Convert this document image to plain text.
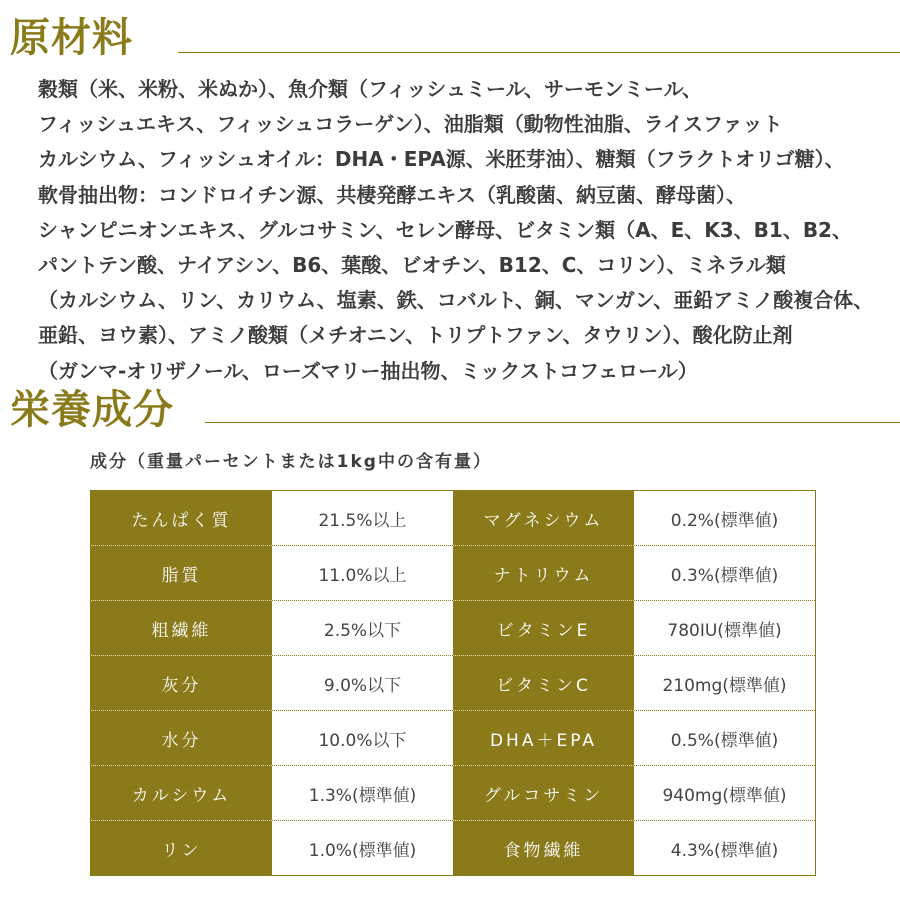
原材料
穀類（米、米粉、米ぬか）、魚介類（フィッシュミール、サーモンミール、
フィッシュエキス、フィッシュコラーゲン）、油脂類（動物性油脂、ライスファット
カルシウム、フィッシュオイル：DHA・EPA源、米胚芽油）、糖類（フラクトオリゴ糖）、
軟骨抽出物：コンドロイチン源、共棲発酵エキス（乳酸菌、納豆菌、酵母菌）、
シャンピニオンエキス、グルコサミン、セレン酵母、ビタミン類（A、E、K3、B1、B2、
パントテン酸、ナイアシン、B6、葉酸、ビオチン、B12、C、コリン）、ミネラル類
（カルシウム、リン、カリウム、塩素、鉄、コバルト、銅、マンガン、亜鉛アミノ酸複合体、
亜鉛、ヨウ素）、アミノ酸類（メチオニン、トリプトファン、タウリン）、酸化防止剤
（ガンマ-オリザノール、ローズマリー抽出物、ミックストコフェロール）
栄養成分

成分（重量パーセントまたは1kg中の含有量）

たんぱく質	21.5%以上	マグネシウム	0.2%(標準値)
脂質	11.0%以上	ナトリウム	0.3%(標準値)
粗繊維	2.5%以下	ビタミンE	780IU(標準値)
灰分	9.0%以下	ビタミンC	210mg(標準値)
水分	10.0%以下	DHA＋EPA	0.5%(標準値)
カルシウム	1.3%(標準値)	グルコサミン	940mg(標準値)
リン	1.0%(標準値)	食物繊維	4.3%(標準値)
